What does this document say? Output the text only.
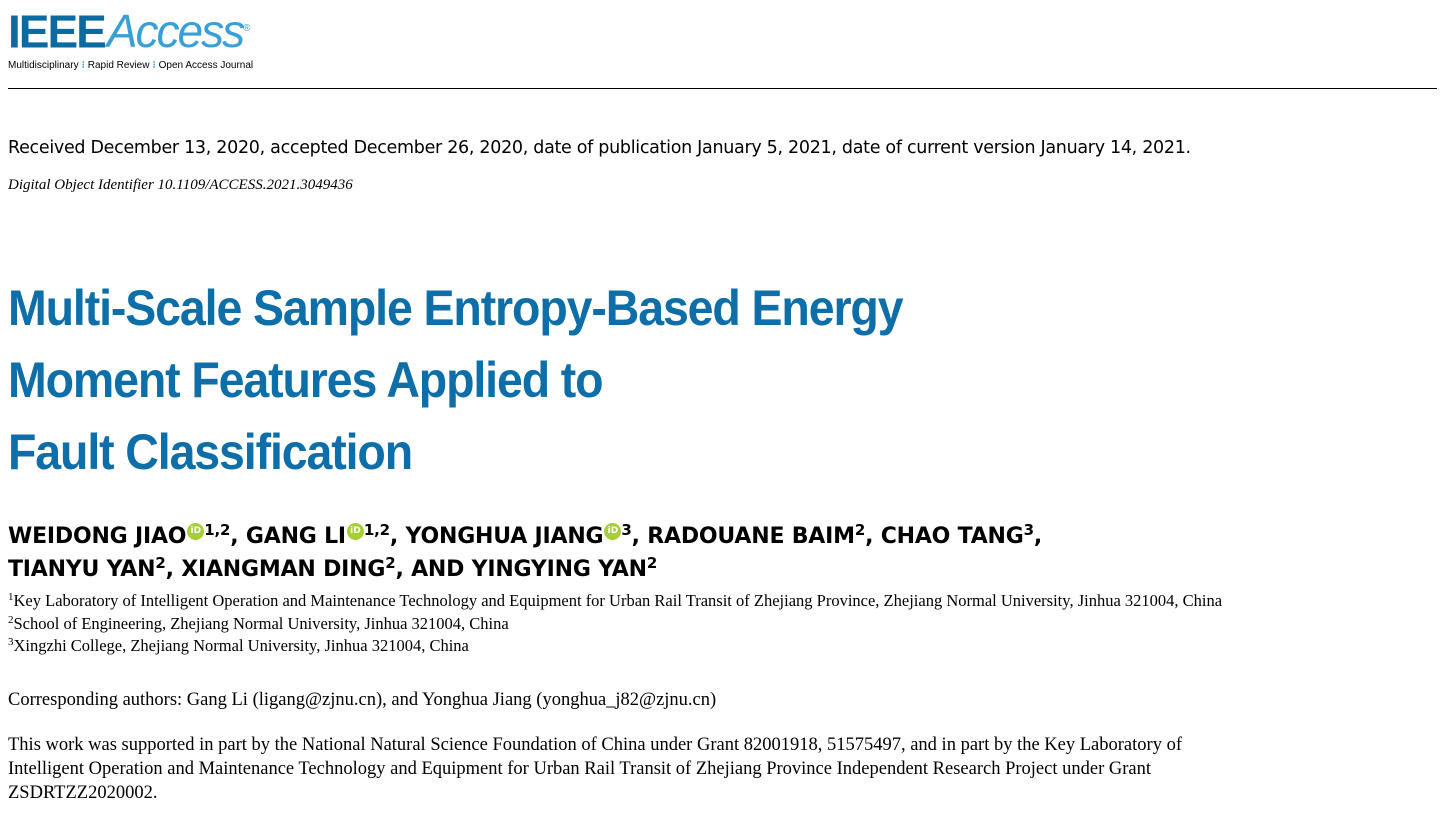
IEEEAccess®
Multidisciplinary ⁝ Rapid Review ⁝ Open Access Journal
Received December 13, 2020, accepted December 26, 2020, date of publication January 5, 2021, date of current version January 14, 2021.
Digital Object Identifier 10.1109/ACCESS.2021.3049436
Multi-Scale Sample Entropy-Based Energy
Moment Features Applied to
Fault Classification
WEIDONG JIAO iD $^{1,2}$, GANG LI iD $^{1,2}$, YONGHUA JIANG iD $^3$, RADOUANE BAIM$^2$, CHAO TANG$^3$,
TIANYU YAN$^2$, XIANGMAN DING$^2$, AND YINGYING YAN$^2$
$^1$Key Laboratory of Intelligent Operation and Maintenance Technology and Equipment for Urban Rail Transit of Zhejiang Province, Zhejiang Normal University, Jinhua 321004, China
$^2$School of Engineering, Zhejiang Normal University, Jinhua 321004, China
$^3$Xingzhi College, Zhejiang Normal University, Jinhua 321004, China
Corresponding authors: Gang Li (ligang@zjnu.cn), and Yonghua Jiang (yonghua_j82@zjnu.cn)
This work was supported in part by the National Natural Science Foundation of China under Grant 82001918, 51575497, and in part by the Key Laboratory of Intelligent Operation and Maintenance Technology and Equipment for Urban Rail Transit of Zhejiang Province Independent Research Project under Grant ZSDRTZZ2020002.
